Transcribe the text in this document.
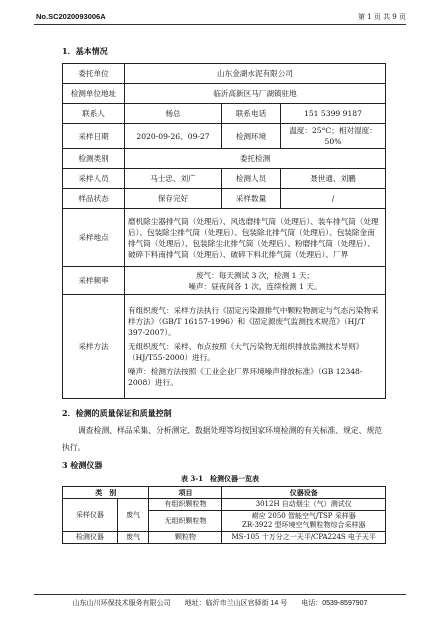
No.SC2020093006A	第 1 页 共 9 页
1．基本情况
委托单位	山东金湖水泥有限公司		
检测单位地址	临沂高新区马厂湖镇驻地		
联系人	杨总	联系电话	151 5399 9187
采样日期	2020-09-26、09-27	检测环境	温度：25°C；相对湿度：50%
检测类别	委托检测		
采样人员	马士忠、刘广	检测人员	聂世通、刘鹏
样品状态	保存完好	采样数量	/
采样地点	磨机除尘器排气筒（处理后）、风选磨排气筒（处理后）、装车排气筒（处理后）、包装除尘排气筒（处理后）、包装除北排气筒（处理后）、包装除金南排气筒（处理后）、包装除尘北排气筒（处理后）、粉磨排气筒（处理后）、破碎下料南排气筒（处理后）、破碎下料北排气筒（处理后）、厂界		
采样频率	废气：每天测试 3 次，检测 1 天；
噪声：昼夜间各 1 次，连续检测 1 天。		

采样方法	有组织废气：采样方法执行《固定污染源排气中颗粒物测定与气态污染物采样方法》（GB/T 16157-1996）和《固定源废气监测技术规范》（HJ/T 397-2007）。
无组织废气：采样、布点按照《大气污染物无组织排放监测技术导则》（HJ/T55-2000）进行。
噪声：检测方法按照《工业企业厂界环境噪声排放标准》（GB 12348-2008）进行。		
2．检测的质量保证和质量控制
调查检测、样品采集、分析测定、数据处理等均按国家环境检测的有关标准、规定、规范执行。
3 检测仪器
表 3-1　检测仪器一览表
类　别		项目	仪器设备
采样仪器	废气	有组织颗粒物	3012H 自动烟尘（气）测试仪
		无组织颗粒物	崂应 2050 智能空气/TSP 采样器
ZR-3922 型环境空气颗粒物综合采样器

检测仪器	废气	颗粒物	MS-105 十万分之一天平/CPA224S 电子天平
山东山川环保技术服务有限公司　　地址：临沂市兰山区官驿街 14 号　　电话：0539-8597907
